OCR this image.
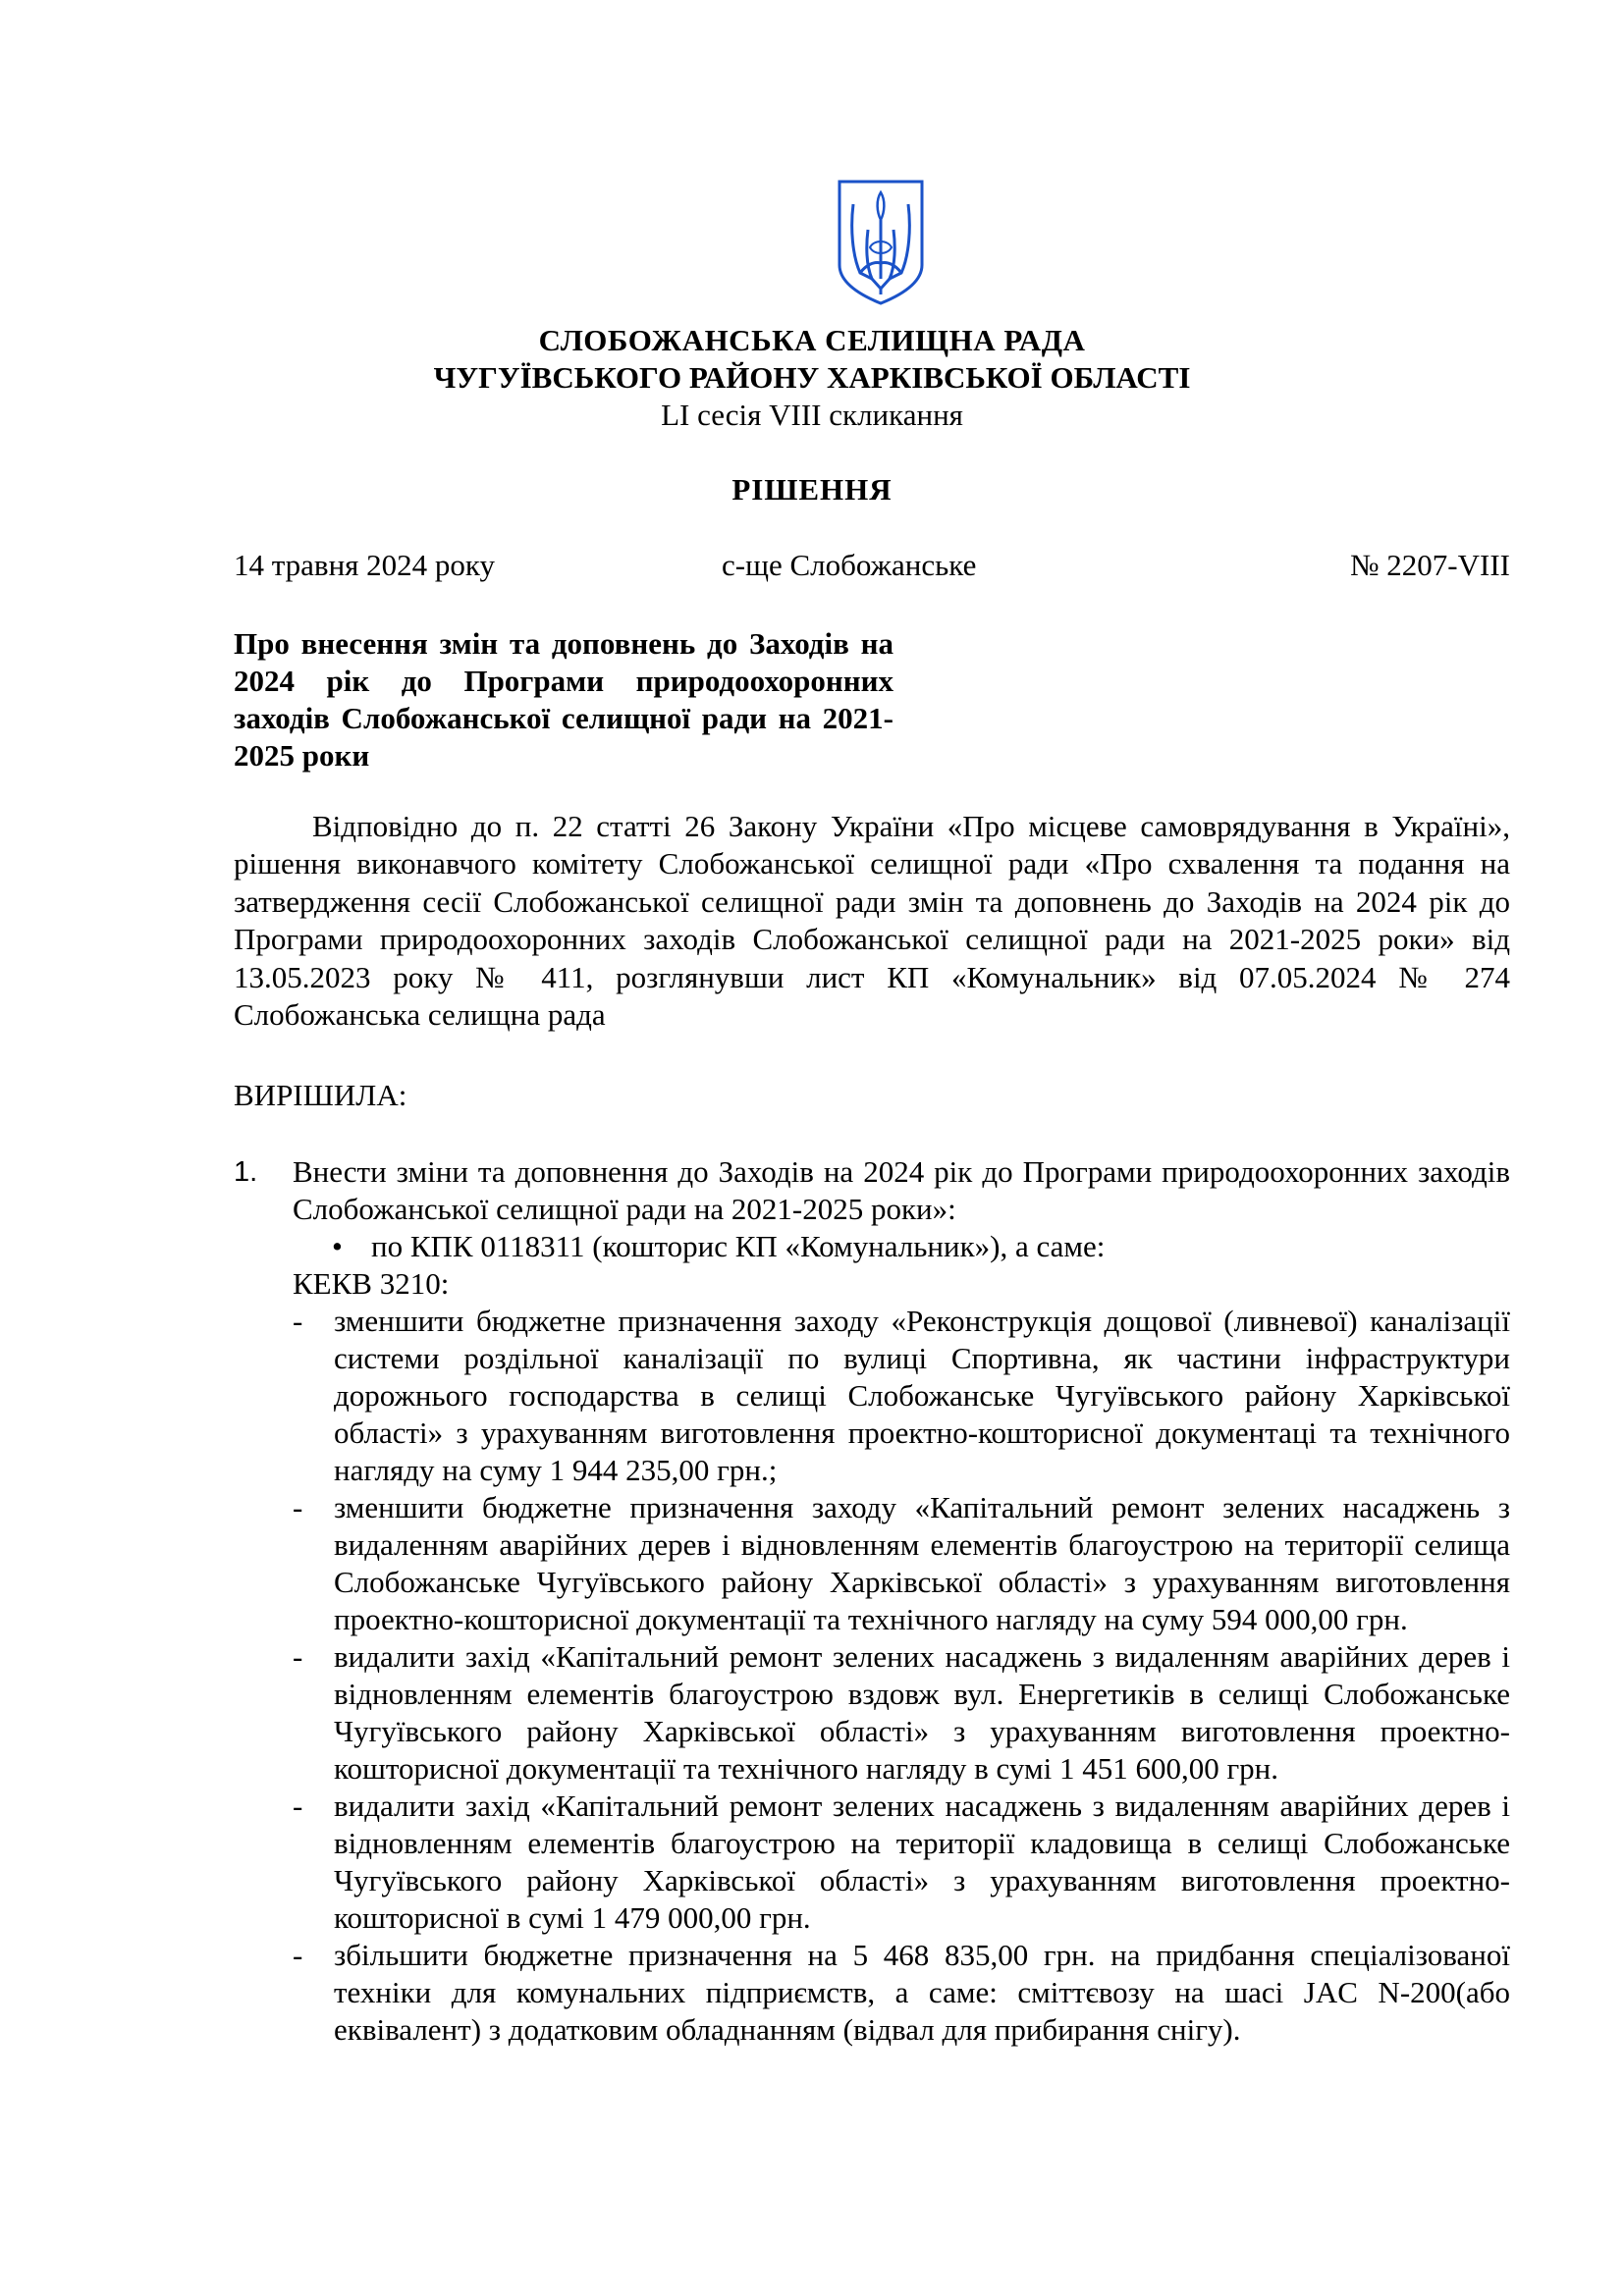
СЛОБОЖАНСЬКА СЕЛИЩНА РАДА
ЧУГУЇВСЬКОГО РАЙОНУ ХАРКІВСЬКОЇ ОБЛАСТІ
LI сесія VIII скликання
РІШЕННЯ
14 травня 2024 року	с-ще Слобожанське	№ 2207-VIII
Про внесення змін та доповнень до Заходів на 2024 рік до Програми природоохоронних заходів Слобожанської селищної ради на 2021-2025 роки
Відповідно до п. 22 статті 26 Закону України «Про місцеве самоврядування в Україні», рішення виконавчого комітету Слобожанської селищної ради «Про схвалення та подання на затвердження сесії Слобожанської селищної ради змін та доповнень до Заходів на 2024 рік до Програми природоохоронних заходів Слобожанської селищної ради на 2021-2025 роки» від 13.05.2023 року № 411, розглянувши лист КП «Комунальник» від 07.05.2024 № 274 Слобожанська селищна рада
ВИРІШИЛА:
1. Внести зміни та доповнення до Заходів на 2024 рік до Програми природоохоронних заходів Слобожанської селищної ради на 2021-2025 роки»:
• по КПК 0118311 (кошторис КП «Комунальник»), а саме:
КЕКВ 3210:
- зменшити бюджетне призначення заходу «Реконструкція дощової (ливневої) каналізації системи роздільної каналізації по вулиці Спортивна, як частини інфраструктури дорожнього господарства в селищі Слобожанське Чугуївського району Харківської області» з урахуванням виготовлення проектно-кошторисної документаці та технічного нагляду на суму 1 944 235,00 грн.;
- зменшити бюджетне призначення заходу «Капітальний ремонт зелених насаджень з видаленням аварійних дерев і відновленням елементів благоустрою на території селища Слобожанське Чугуївського району Харківської області» з урахуванням виготовлення проектно-кошторисної документації та технічного нагляду на суму 594 000,00 грн.
- видалити захід «Капітальний ремонт зелених насаджень з видаленням аварійних дерев і відновленням елементів благоустрою вздовж вул. Енергетиків в селищі Слобожанське Чугуївського району Харківської області» з урахуванням виготовлення проектно-кошторисної документації та технічного нагляду в сумі 1 451 600,00 грн.
- видалити захід «Капітальний ремонт зелених насаджень з видаленням аварійних дерев і відновленням елементів благоустрою на території кладовища в селищі Слобожанське Чугуївського району Харківської області» з урахуванням виготовлення проектно-кошторисної в сумі 1 479 000,00 грн.
- збільшити бюджетне призначення на 5 468 835,00 грн. на придбання спеціалізованої техніки для комунальних підприємств, а саме: сміттєвозу на шасі JAC N-200(або еквівалент) з додатковим обладнанням (відвал для прибирання снігу).
